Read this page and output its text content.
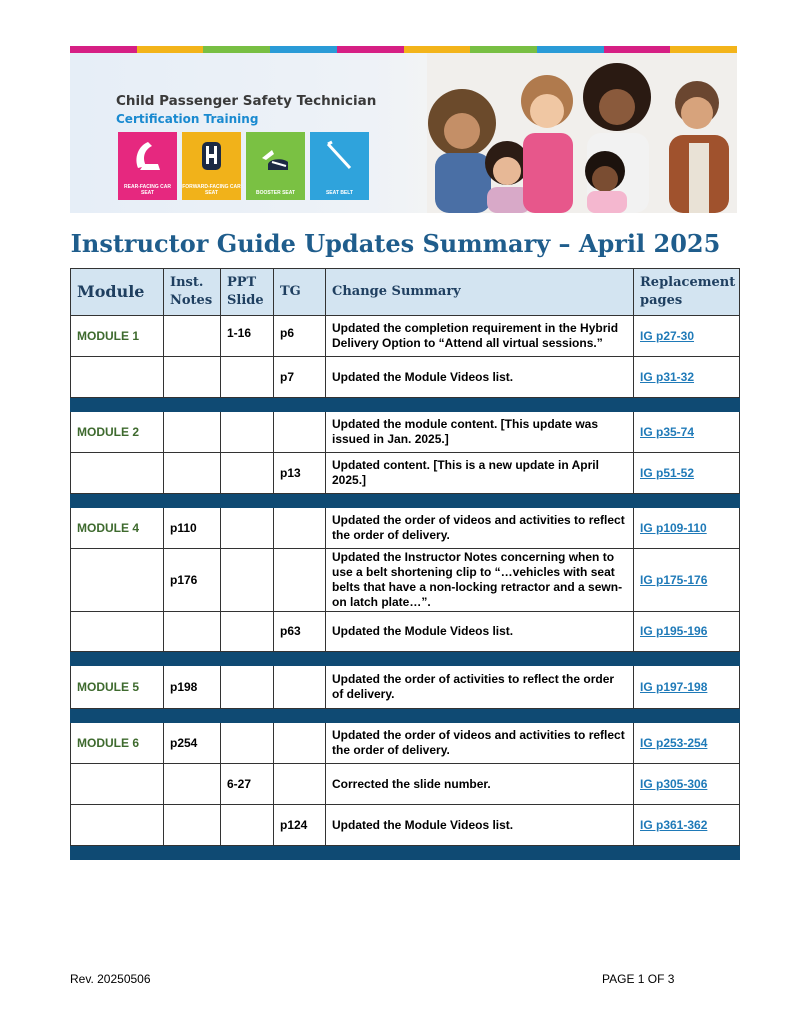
Child Passenger Safety Technician
Certification Training
REAR-FACING CAR SEAT
FORWARD-FACING CAR SEAT	BOOSTER SEAT	SEAT BELT
Instructor Guide Updates Summary – April 2025
Module	Inst. Notes	PPT Slide	TG	Change Summary	Replacement pages
MODULE 1		1-16	p6	Updated the completion requirement in the Hybrid Delivery Option to “Attend all virtual sessions.”	IG p27-30
			p7	Updated the Module Videos list.	IG p31-32

MODULE 2				Updated the module content. [This update was issued in Jan. 2025.]	IG p35-74
			p13	Updated content. [This is a new update in April 2025.]	IG p51-52

MODULE 4	p110			Updated the order of videos and activities to reflect the order of delivery.	IG p109-110
	p176			Updated the Instructor Notes concerning when to use a belt shortening clip to “…vehicles with seat belts that have a non-locking retractor and a sewn-on latch plate…”.	IG p175-176
			p63	Updated the Module Videos list.	IG p195-196

MODULE 5	p198			Updated the order of activities to reflect the order of delivery.	IG p197-198

MODULE 6	p254			Updated the order of videos and activities to reflect the order of delivery.	IG p253-254
		6-27		Corrected the slide number.	IG p305-306
			p124	Updated the Module Videos list.	IG p361-362

Rev. 20250506	PAGE 1 OF 3
